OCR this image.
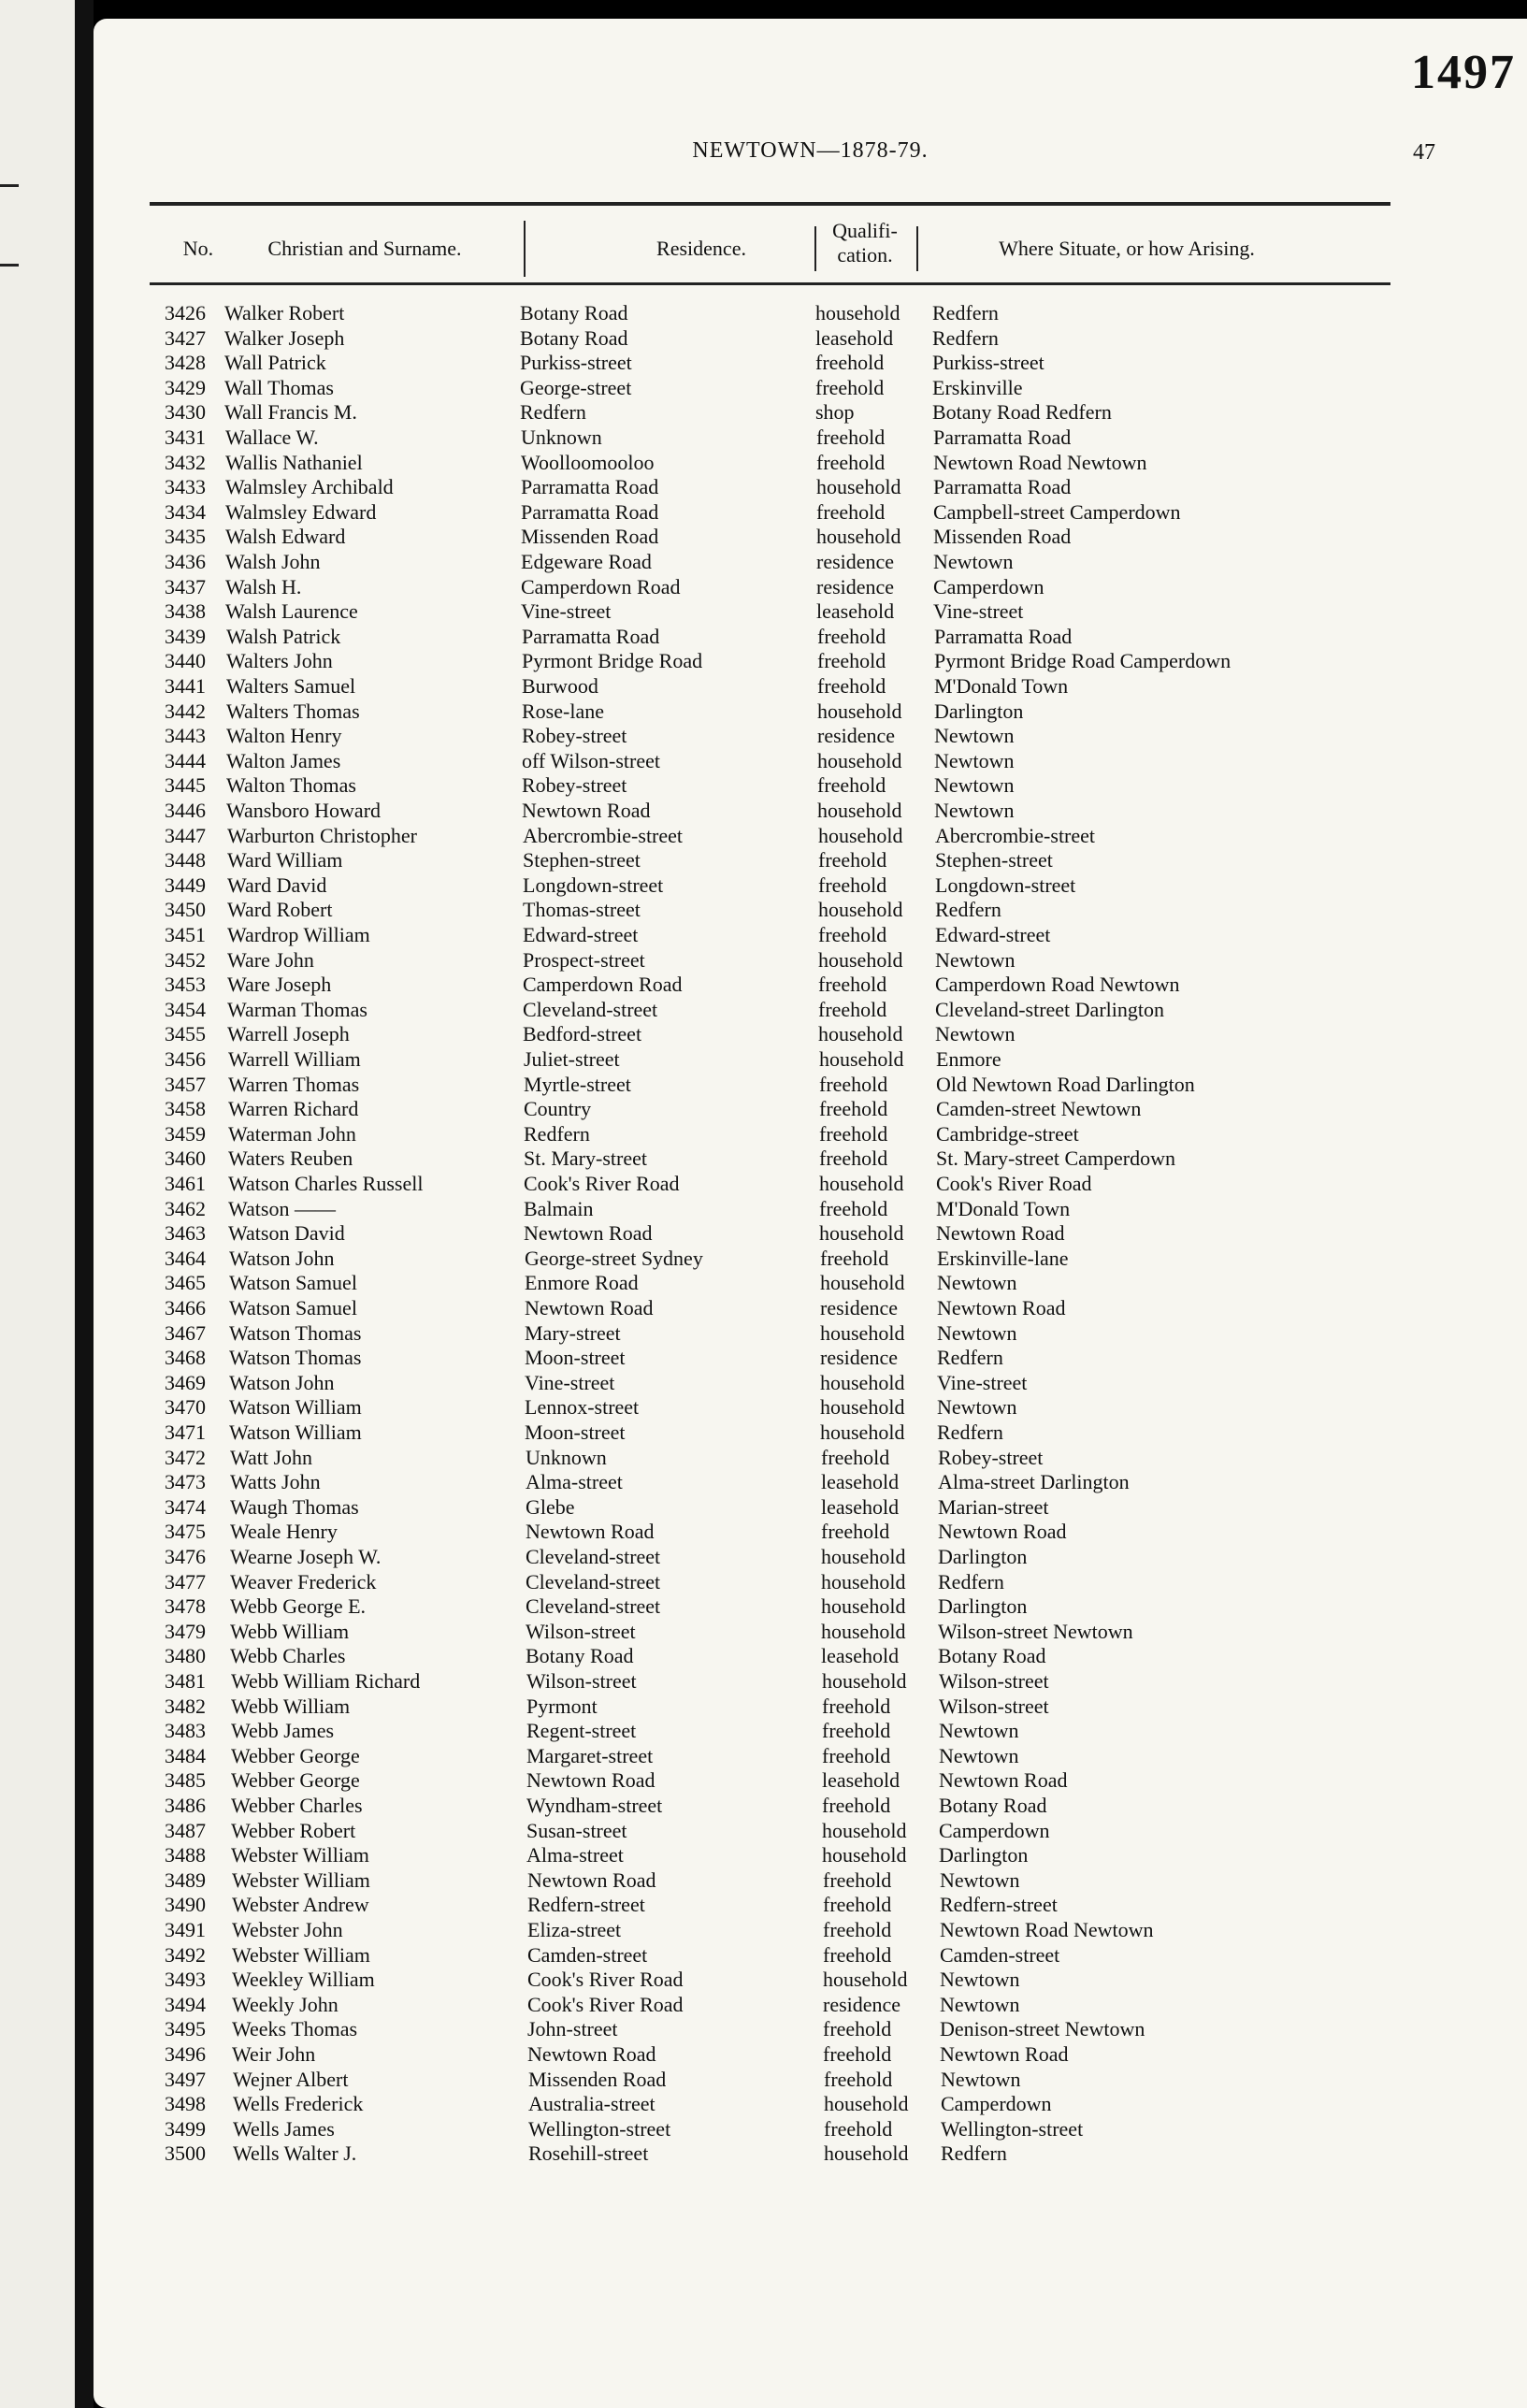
1497
NEWTOWN—1878-79.	47
No.	Christian and Surname.	Residence.
Qualifi-
cation.	Where Situate, or how Arising.
3426 Walker Robert	Botany Road	household Redfern
3427 Walker Joseph	Botany Road	leasehold Redfern
3428 Wall Patrick	Purkiss-street	freehold Purkiss-street
3429 Wall Thomas	George-street	freehold Erskinville
3430 Wall Francis M.	Redfern	shop	Botany Road Redfern
3431 Wallace W.	Unknown	freehold Parramatta Road
3432 Wallis Nathaniel	Woolloomooloo	freehold Newtown Road Newtown
3433 Walmsley Archibald	Parramatta Road	household Parramatta Road
3434 Walmsley Edward	Parramatta Road	freehold Campbell-street Camperdown
3435 Walsh Edward	Missenden Road	household Missenden Road
3436 Walsh John	Edgeware Road	residence Newtown
3437 Walsh H.	Camperdown Road	residence Camperdown
3438 Walsh Laurence	Vine-street	leasehold Vine-street
3439 Walsh Patrick	Parramatta Road	freehold Parramatta Road
3440 Walters John	Pyrmont Bridge Road	freehold Pyrmont Bridge Road Camperdown
3441 Walters Samuel	Burwood	freehold M'Donald Town
3442 Walters Thomas	Rose-lane	household Darlington
3443 Walton Henry	Robey-street	residence Newtown
3444 Walton James	off Wilson-street	household Newtown
3445 Walton Thomas	Robey-street	freehold Newtown
3446 Wansboro Howard	Newtown Road	household Newtown
3447 Warburton Christopher	Abercrombie-street	household Abercrombie-street
3448 Ward William	Stephen-street	freehold Stephen-street
3449 Ward David	Longdown-street	freehold Longdown-street
3450 Ward Robert	Thomas-street	household Redfern
3451 Wardrop William	Edward-street	freehold Edward-street
3452 Ware John	Prospect-street	household Newtown
3453 Ware Joseph	Camperdown Road	freehold Camperdown Road Newtown
3454 Warman Thomas	Cleveland-street	freehold Cleveland-street Darlington
3455 Warrell Joseph	Bedford-street	household Newtown
3456 Warrell William	Juliet-street	household Enmore
3457 Warren Thomas	Myrtle-street	freehold Old Newtown Road Darlington
3458 Warren Richard	Country	freehold Camden-street Newtown
3459 Waterman John	Redfern	freehold Cambridge-street
3460 Waters Reuben	St. Mary-street	freehold St. Mary-street Camperdown
3461 Watson Charles Russell	Cook's River Road	household Cook's River Road
3462 Watson ——	Balmain	freehold M'Donald Town
3463 Watson David	Newtown Road	household Newtown Road
3464 Watson John	George-street Sydney	freehold Erskinville-lane
3465 Watson Samuel	Enmore Road	household Newtown
3466 Watson Samuel	Newtown Road	residence Newtown Road
3467 Watson Thomas	Mary-street	household Newtown
3468 Watson Thomas	Moon-street	residence Redfern
3469 Watson John	Vine-street	household Vine-street
3470 Watson William	Lennox-street	household Newtown
3471 Watson William	Moon-street	household Redfern
3472 Watt John	Unknown	freehold Robey-street
3473 Watts John	Alma-street	leasehold Alma-street Darlington
3474 Waugh Thomas	Glebe	leasehold Marian-street
3475 Weale Henry	Newtown Road	freehold Newtown Road
3476 Wearne Joseph W.	Cleveland-street	household Darlington
3477 Weaver Frederick	Cleveland-street	household Redfern
3478 Webb George E.	Cleveland-street	household Darlington
3479 Webb William	Wilson-street	household Wilson-street Newtown
3480 Webb Charles	Botany Road	leasehold Botany Road
3481 Webb William Richard	Wilson-street	household Wilson-street
3482 Webb William	Pyrmont	freehold Wilson-street
3483 Webb James	Regent-street	freehold Newtown
3484 Webber George	Margaret-street	freehold Newtown
3485 Webber George	Newtown Road	leasehold Newtown Road
3486 Webber Charles	Wyndham-street	freehold Botany Road
3487 Webber Robert	Susan-street	household Camperdown
3488 Webster William	Alma-street	household Darlington
3489 Webster William	Newtown Road	freehold Newtown
3490 Webster Andrew	Redfern-street	freehold Redfern-street
3491 Webster John	Eliza-street	freehold Newtown Road Newtown
3492 Webster William	Camden-street	freehold Camden-street
3493 Weekley William	Cook's River Road	household Newtown
3494 Weekly John	Cook's River Road	residence Newtown
3495 Weeks Thomas	John-street	freehold Denison-street Newtown
3496 Weir John	Newtown Road	freehold Newtown Road
3497 Wejner Albert	Missenden Road	freehold Newtown
3498 Wells Frederick	Australia-street	household Camperdown
3499 Wells James	Wellington-street	freehold Wellington-street
3500 Wells Walter J.	Rosehill-street	household Redfern
